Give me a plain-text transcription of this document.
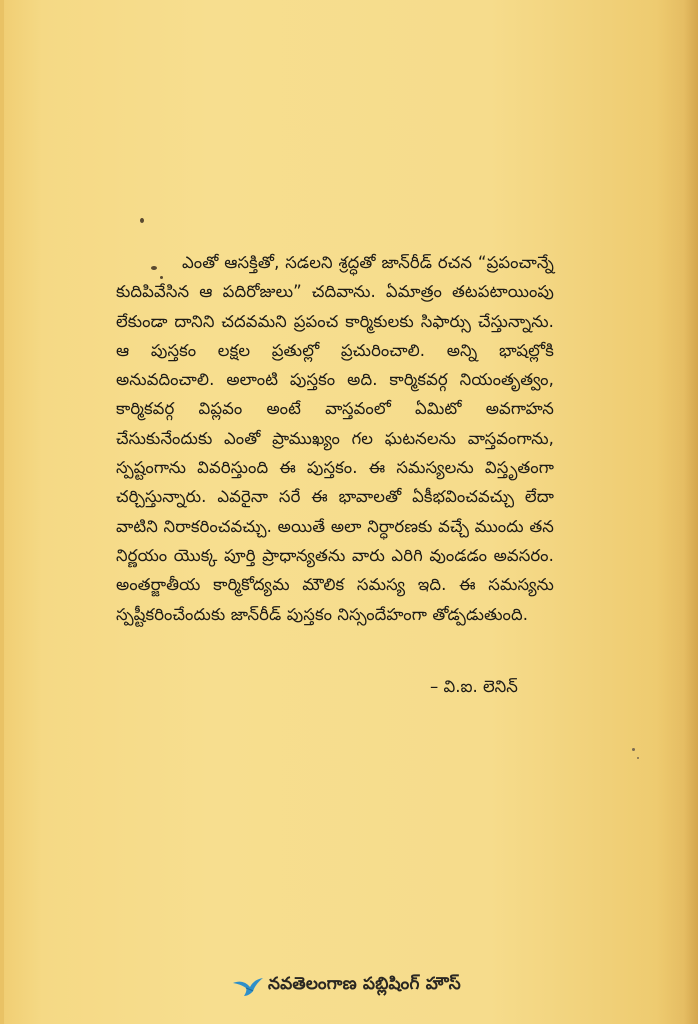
ఎంతో ఆసక్తితో, సడలని శ్రద్ధతో జాన్‌రీడ్ రచన “ప్రపంచాన్నే కుదిపివేసిన ఆ పదిరోజులు” చదివాను. ఏమాత్రం తటపటాయింపు లేకుండా దానిని చదవమని ప్రపంచ కార్మికులకు సిఫార్సు చేస్తున్నాను. ఆ పుస్తకం లక్షల ప్రతుల్లో ప్రచురించాలి. అన్ని భాషల్లోకి అనువదించాలి. అలాంటి పుస్తకం అది. కార్మికవర్గ నియంతృత్వం, కార్మికవర్గ విప్లవం అంటే వాస్తవంలో ఏమిటో అవగాహన చేసుకునేందుకు ఎంతో ప్రాముఖ్యం గల ఘటనలను వాస్తవంగాను, స్పష్టంగాను వివరిస్తుంది ఈ పుస్తకం. ఈ సమస్యలను విస్తృతంగా చర్చిస్తున్నారు. ఎవరైనా సరే ఈ భావాలతో ఏకీభవించవచ్చు లేదా వాటిని నిరాకరించవచ్చు. అయితే అలా నిర్ధారణకు వచ్చే ముందు తన నిర్ణయం యొక్క పూర్తి ప్రాధాన్యతను వారు ఎరిగి వుండడం అవసరం. అంతర్జాతీయ కార్మికోద్యమ మౌలిక సమస్య ఇది. ఈ సమస్యను స్పష్టీకరించేందుకు జాన్‌రీడ్ పుస్తకం నిస్సందేహంగా తోడ్పడుతుంది.

– వి.ఐ. లెనిన్
నవతెలంగాణ పబ్లిషింగ్ హౌస్
